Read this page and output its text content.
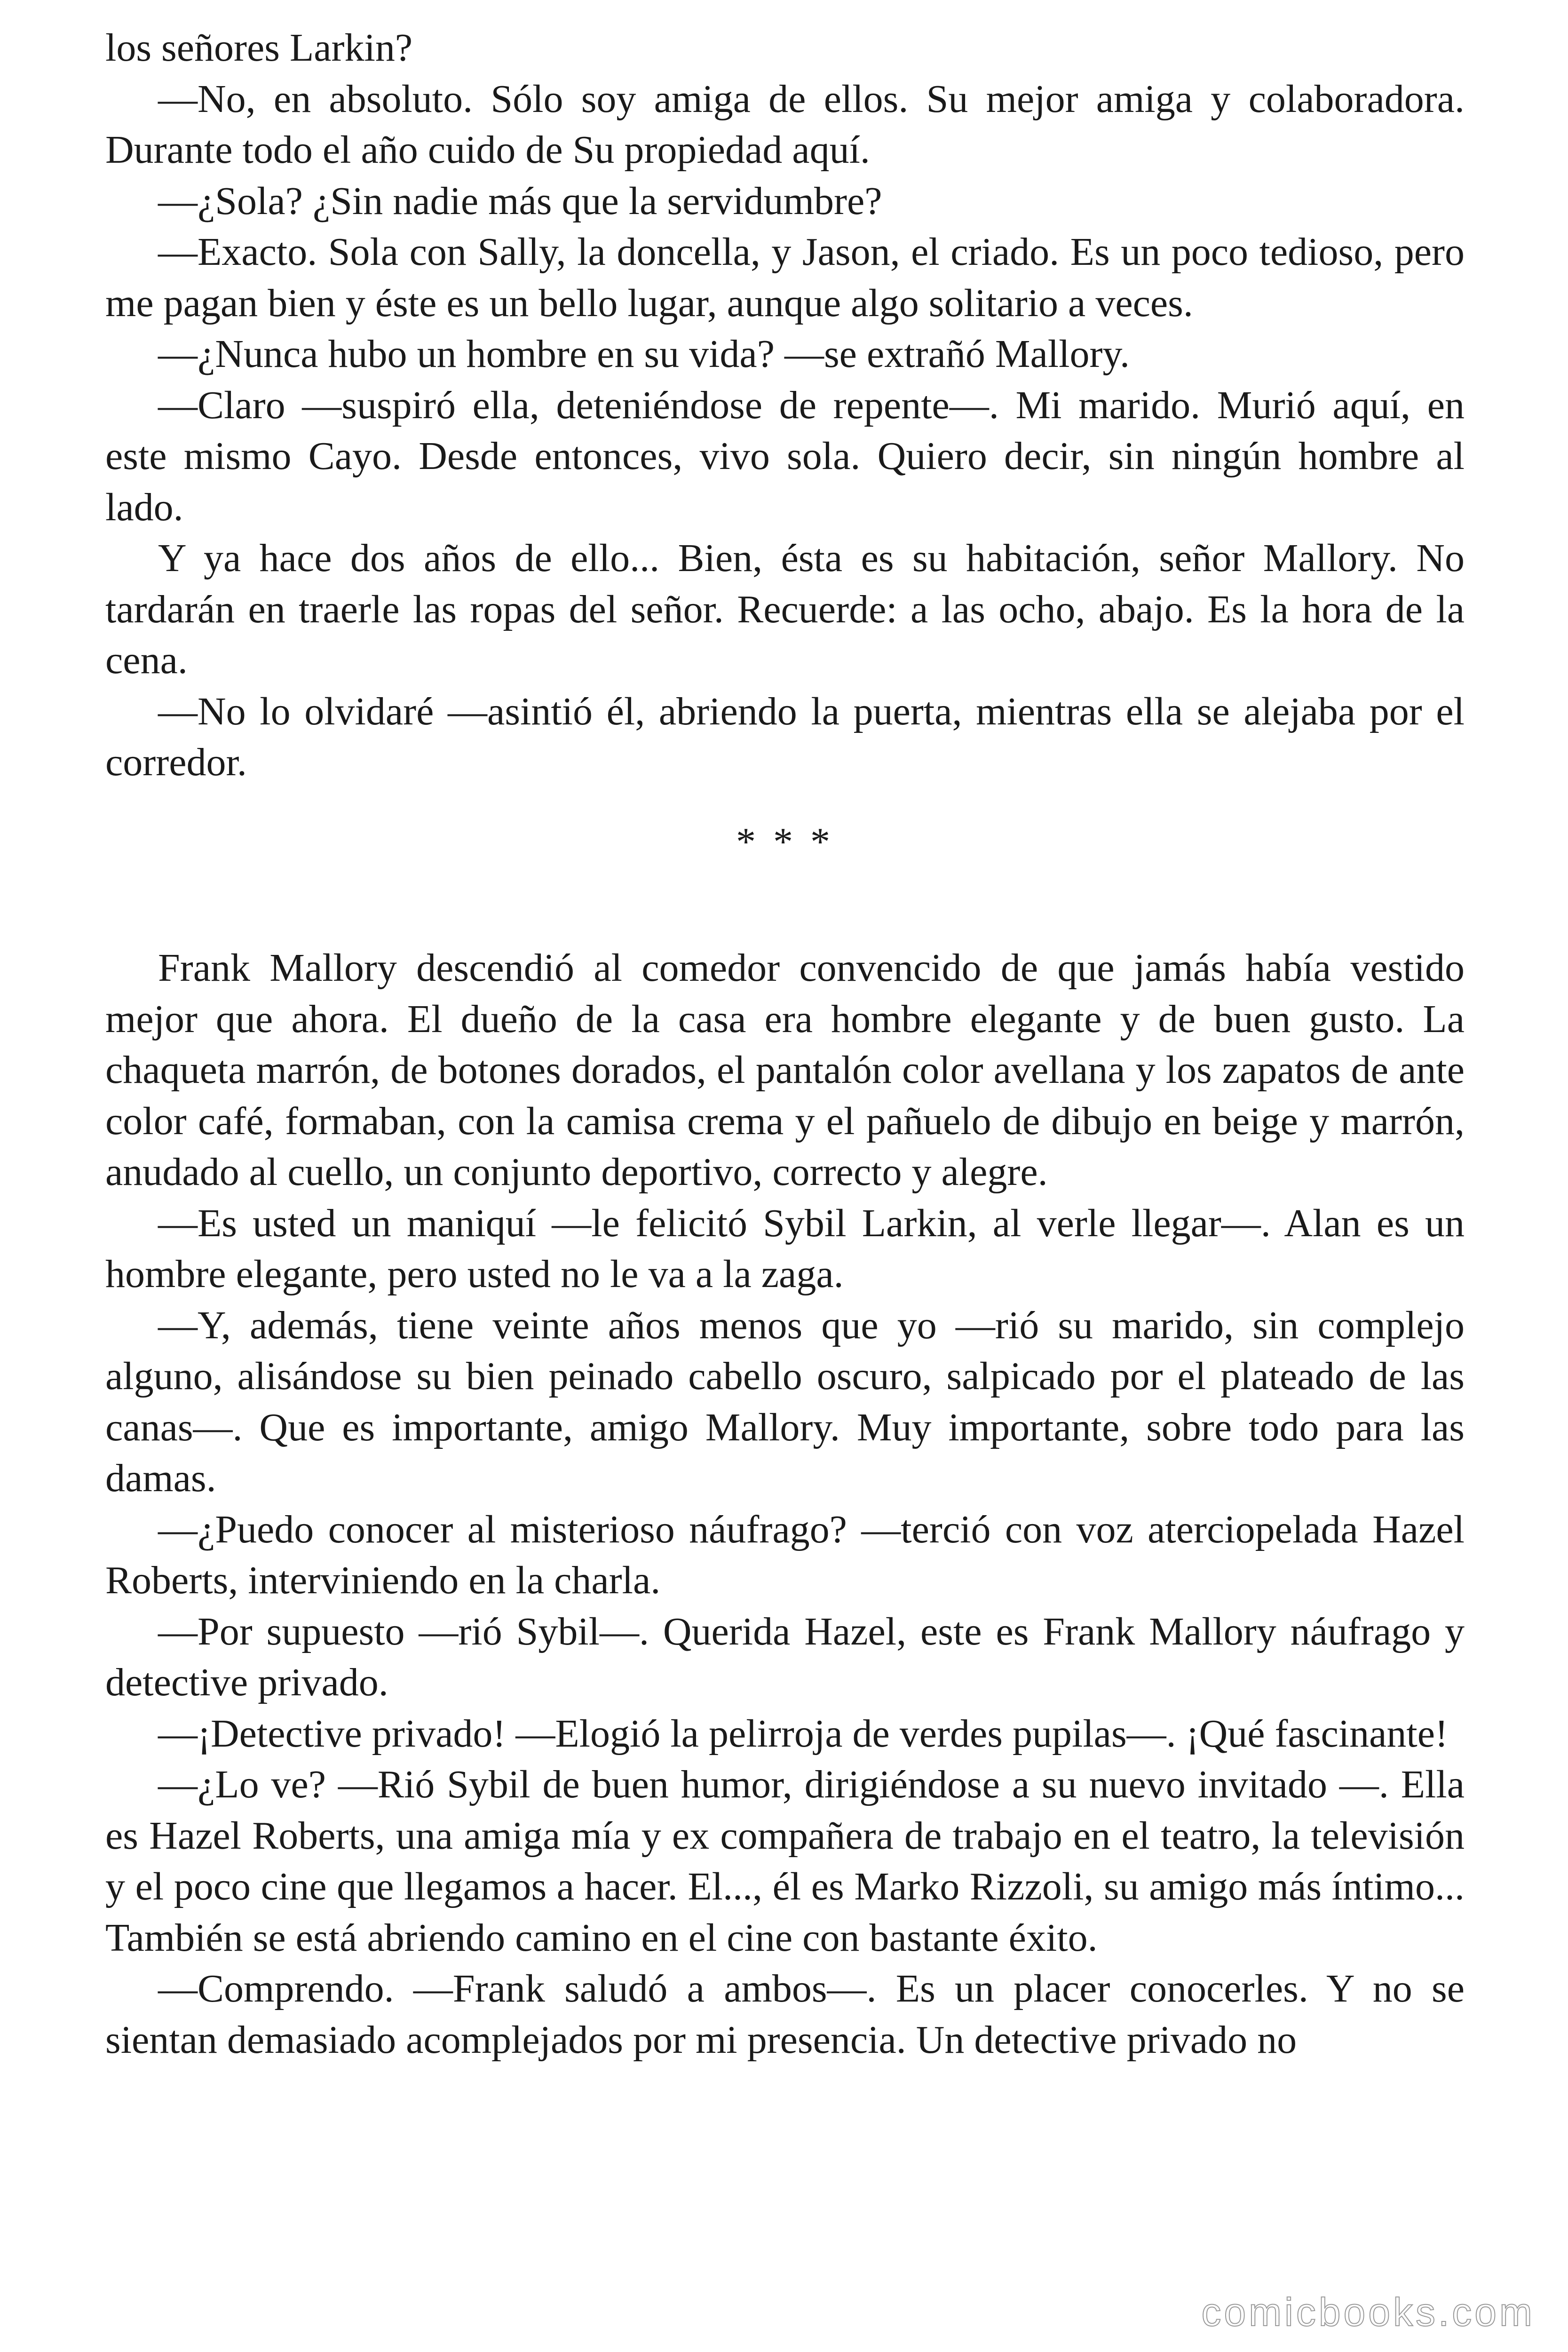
los señores Larkin?

—No, en absoluto. Sólo soy amiga de ellos. Su mejor amiga y colaboradora. Durante todo el año cuido de Su propiedad aquí.

—¿Sola? ¿Sin nadie más que la servidumbre?

—Exacto. Sola con Sally, la doncella, y Jason, el criado. Es un poco tedioso, pero me pagan bien y éste es un bello lugar, aunque algo solitario a veces.

—¿Nunca hubo un hombre en su vida? —se extrañó Mallory.

—Claro —suspiró ella, deteniéndose de repente—. Mi marido. Murió aquí, en este mismo Cayo. Desde entonces, vivo sola. Quiero decir, sin ningún hombre al lado.

Y ya hace dos años de ello... Bien, ésta es su habitación, señor Mallory. No tardarán en traerle las ropas del señor. Recuerde: a las ocho, abajo. Es la hora de la cena.

—No lo olvidaré —asintió él, abriendo la puerta, mientras ella se alejaba por el corredor.

* * *

Frank Mallory descendió al comedor convencido de que jamás había vestido mejor que ahora. El dueño de la casa era hombre elegante y de buen gusto. La chaqueta marrón, de botones dorados, el pantalón color avellana y los zapatos de ante color café, formaban, con la camisa crema y el pañuelo de dibujo en beige y marrón, anudado al cuello, un conjunto deportivo, correcto y alegre.

—Es usted un maniquí —le felicitó Sybil Larkin, al verle llegar—. Alan es un hombre elegante, pero usted no le va a la zaga.

—Y, además, tiene veinte años menos que yo —rió su marido, sin complejo alguno, alisándose su bien peinado cabello oscuro, salpicado por el plateado de las canas—. Que es importante, amigo Mallory. Muy importante, sobre todo para las damas.

—¿Puedo conocer al misterioso náufrago? —terció con voz aterciopelada Hazel Roberts, interviniendo en la charla.

—Por supuesto —rió Sybil—. Querida Hazel, este es Frank Mallory náufrago y detective privado.

—¡Detective privado! —Elogió la pelirroja de verdes pupilas—. ¡Qué fascinante!

—¿Lo ve? —Rió Sybil de buen humor, dirigiéndose a su nuevo invitado —. Ella es Hazel Roberts, una amiga mía y ex compañera de trabajo en el teatro, la televisión y el poco cine que llegamos a hacer. El..., él es Marko Rizzoli, su amigo más íntimo... También se está abriendo camino en el cine con bastante éxito.

—Comprendo. —Frank saludó a ambos—. Es un placer conocerles. Y no se sientan demasiado acomplejados por mi presencia. Un detective privado no

comicbooks.com
